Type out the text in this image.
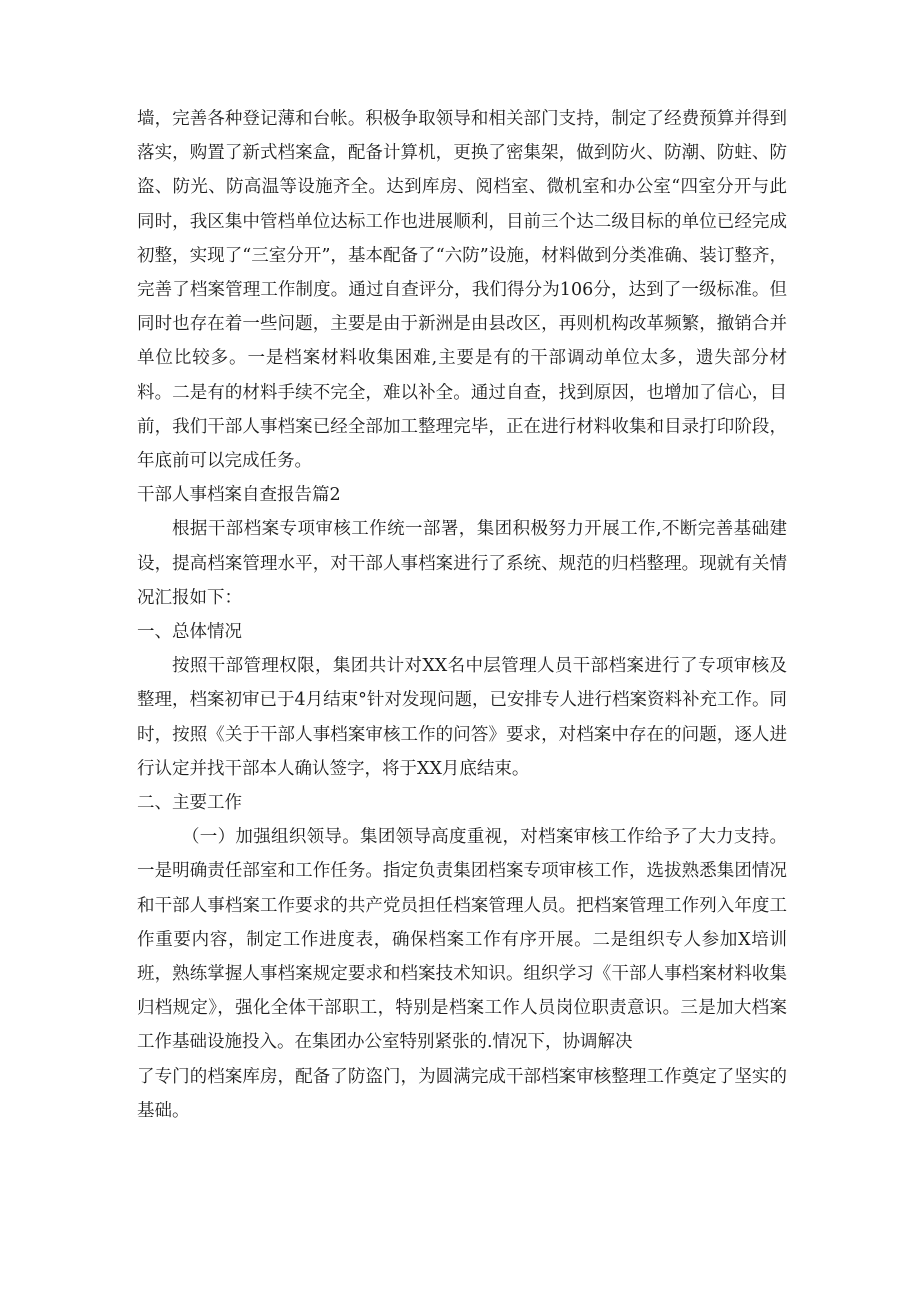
墙，完善各种登记薄和台帐。积极争取领导和相关部门支持，制定了经费预算并得到落实，购置了新式档案盒，配备计算机，更换了密集架，做到防火、防潮、防蛀、防盗、防光、防高温等设施齐全。达到库房、阅档室、微机室和办公室“四室分开与此同时，我区集中管档单位达标工作也进展顺利，目前三个达二级目标的单位已经完成初整，实现了“三室分开”，基本配备了“六防”设施，材料做到分类准确、装订整齐，完善了档案管理工作制度。通过自查评分，我们得分为106分，达到了一级标准。但同时也存在着一些问题，主要是由于新洲是由县改区，再则机构改革频繁，撤销合并单位比较多。一是档案材料收集困难,主要是有的干部调动单位太多，遗失部分材料。二是有的材料手续不完全，难以补全。通过自查，找到原因，也增加了信心，目前，我们干部人事档案已经全部加工整理完毕，正在进行材料收集和目录打印阶段，年底前可以完成任务。

干部人事档案自查报告篇2

根据干部档案专项审核工作统一部署，集团积极努力开展工作,不断完善基础建设，提高档案管理水平，对干部人事档案进行了系统、规范的归档整理。现就有关情况汇报如下：

一、总体情况

按照干部管理权限，集团共计对XX名中层管理人员干部档案进行了专项审核及整理，档案初审已于4月结束°针对发现问题，已安排专人进行档案资料补充工作。同时，按照《关于干部人事档案审核工作的问答》要求，对档案中存在的问题，逐人进行认定并找干部本人确认签字，将于XX月底结束。

二、主要工作

（一）加强组织领导。集团领导高度重视，对档案审核工作给予了大力支持。一是明确责任部室和工作任务。指定负责集团档案专项审核工作，选拔熟悉集团情况和干部人事档案工作要求的共产党员担任档案管理人员。把档案管理工作列入年度工作重要内容，制定工作进度表，确保档案工作有序开展。二是组织专人参加X培训班，熟练掌握人事档案规定要求和档案技术知识。组织学习《干部人事档案材料收集归档规定》，强化全体干部职工，特别是档案工作人员岗位职责意识。三是加大档案工作基础设施投入。在集团办公室特别紧张的.情况下，协调解决

了专门的档案库房，配备了防盗门，为圆满完成干部档案审核整理工作奠定了坚实的基础。
